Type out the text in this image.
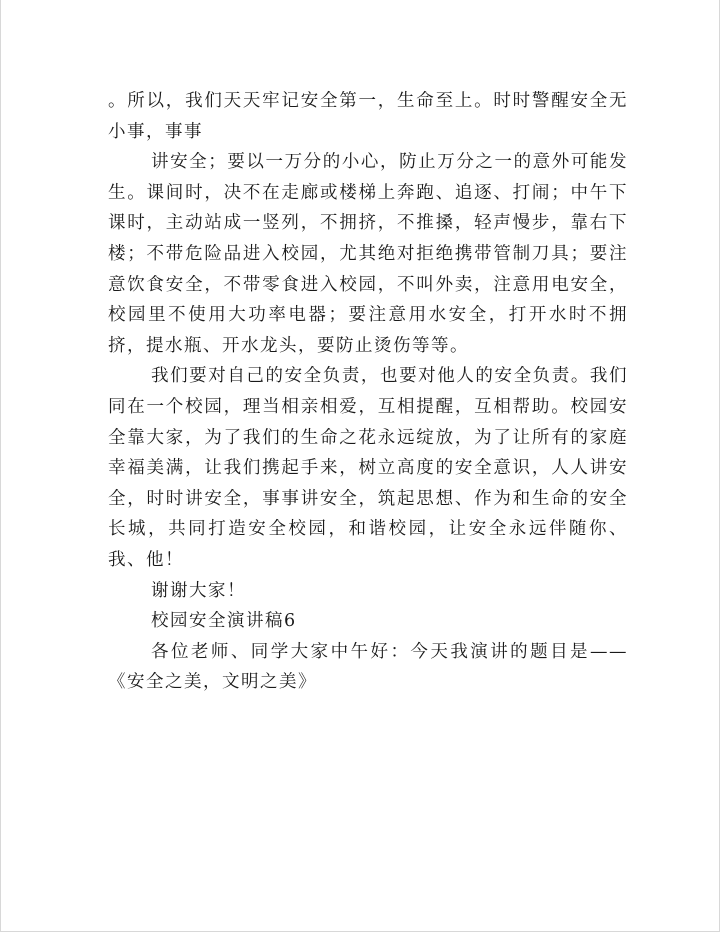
。所以，我们天天牢记安全第一，生命至上。时时警醒安全无小事，事事

讲安全；要以一万分的小心，防止万分之一的意外可能发生。课间时，决不在走廊或楼梯上奔跑、追逐、打闹；中午下课时，主动站成一竖列，不拥挤，不推搡，轻声慢步，靠右下楼；不带危险品进入校园，尤其绝对拒绝携带管制刀具；要注意饮食安全，不带零食进入校园，不叫外卖，注意用电安全，校园里不使用大功率电器；要注意用水安全，打开水时不拥挤，提水瓶、开水龙头，要防止烫伤等等。

我们要对自己的安全负责，也要对他人的安全负责。我们同在一个校园，理当相亲相爱，互相提醒，互相帮助。校园安全靠大家，为了我们的生命之花永远绽放，为了让所有的家庭幸福美满，让我们携起手来，树立高度的安全意识，人人讲安全，时时讲安全，事事讲安全，筑起思想、作为和生命的安全长城，共同打造安全校园，和谐校园，让安全永远伴随你、我、他！

谢谢大家！

校园安全演讲稿6

各位老师、同学大家中午好：今天我演讲的题目是——《安全之美，文明之美》
